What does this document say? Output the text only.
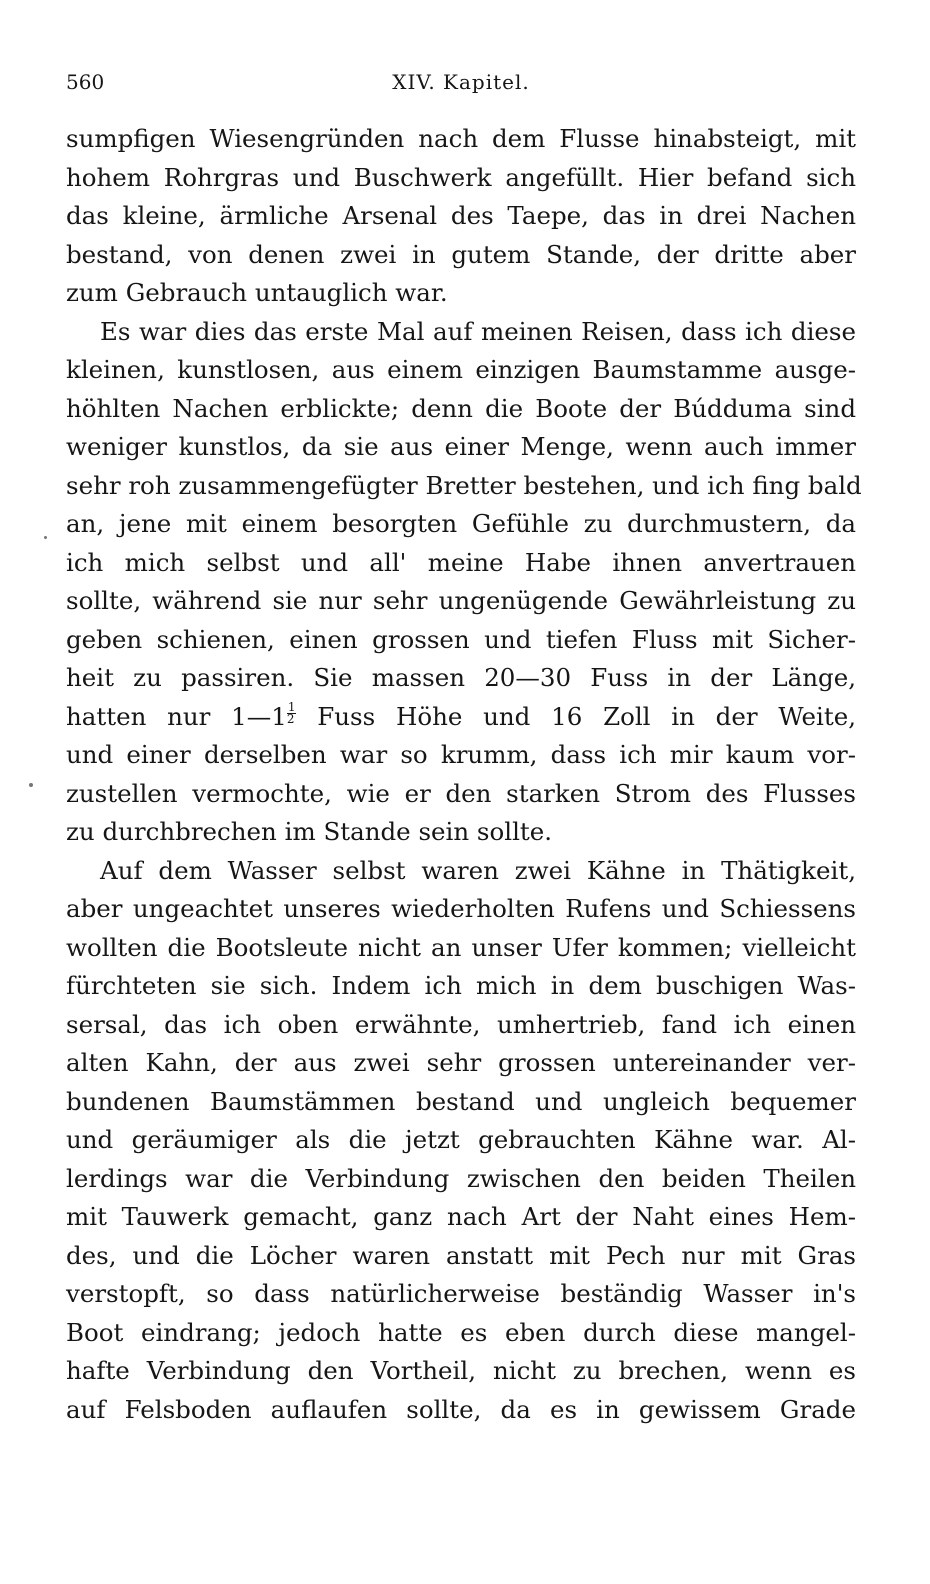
560	XIV. Kapitel.
sumpfigen Wiesengründen nach dem Flusse hinabsteigt, mit
hohem Rohrgras und Buschwerk angefüllt. Hier befand sich
das kleine, ärmliche Arsenal des Taepe, das in drei Nachen
bestand, von denen zwei in gutem Stande, der dritte aber
zum Gebrauch untauglich war.
Es war dies das erste Mal auf meinen Reisen, dass ich diese
kleinen, kunstlosen, aus einem einzigen Baumstamme ausge-
höhlten Nachen erblickte; denn die Boote der Búdduma sind
weniger kunstlos, da sie aus einer Menge, wenn auch immer
sehr roh zusammengefügter Bretter bestehen, und ich fing bald
an, jene mit einem besorgten Gefühle zu durchmustern, da
ich mich selbst und all' meine Habe ihnen anvertrauen
sollte, während sie nur sehr ungenügende Gewährleistung zu
geben schienen, einen grossen und tiefen Fluss mit Sicher-
heit zu passiren. Sie massen 20—30 Fuss in der Länge,
hatten nur 1—1 $\frac{1}{2}$ Fuss Höhe und 16 Zoll in der Weite,
und einer derselben war so krumm, dass ich mir kaum vor-
zustellen vermochte, wie er den starken Strom des Flusses
zu durchbrechen im Stande sein sollte.
Auf dem Wasser selbst waren zwei Kähne in Thätigkeit,
aber ungeachtet unseres wiederholten Rufens und Schiessens
wollten die Bootsleute nicht an unser Ufer kommen; vielleicht
fürchteten sie sich. Indem ich mich in dem buschigen Was-
sersal, das ich oben erwähnte, umhertrieb, fand ich einen
alten Kahn, der aus zwei sehr grossen untereinander ver-
bundenen Baumstämmen bestand und ungleich bequemer
und geräumiger als die jetzt gebrauchten Kähne war. Al-
lerdings war die Verbindung zwischen den beiden Theilen
mit Tauwerk gemacht, ganz nach Art der Naht eines Hem-
des, und die Löcher waren anstatt mit Pech nur mit Gras
verstopft, so dass natürlicherweise beständig Wasser in's
Boot eindrang; jedoch hatte es eben durch diese mangel-
hafte Verbindung den Vortheil, nicht zu brechen, wenn es
auf Felsboden auflaufen sollte, da es in gewissem Grade
